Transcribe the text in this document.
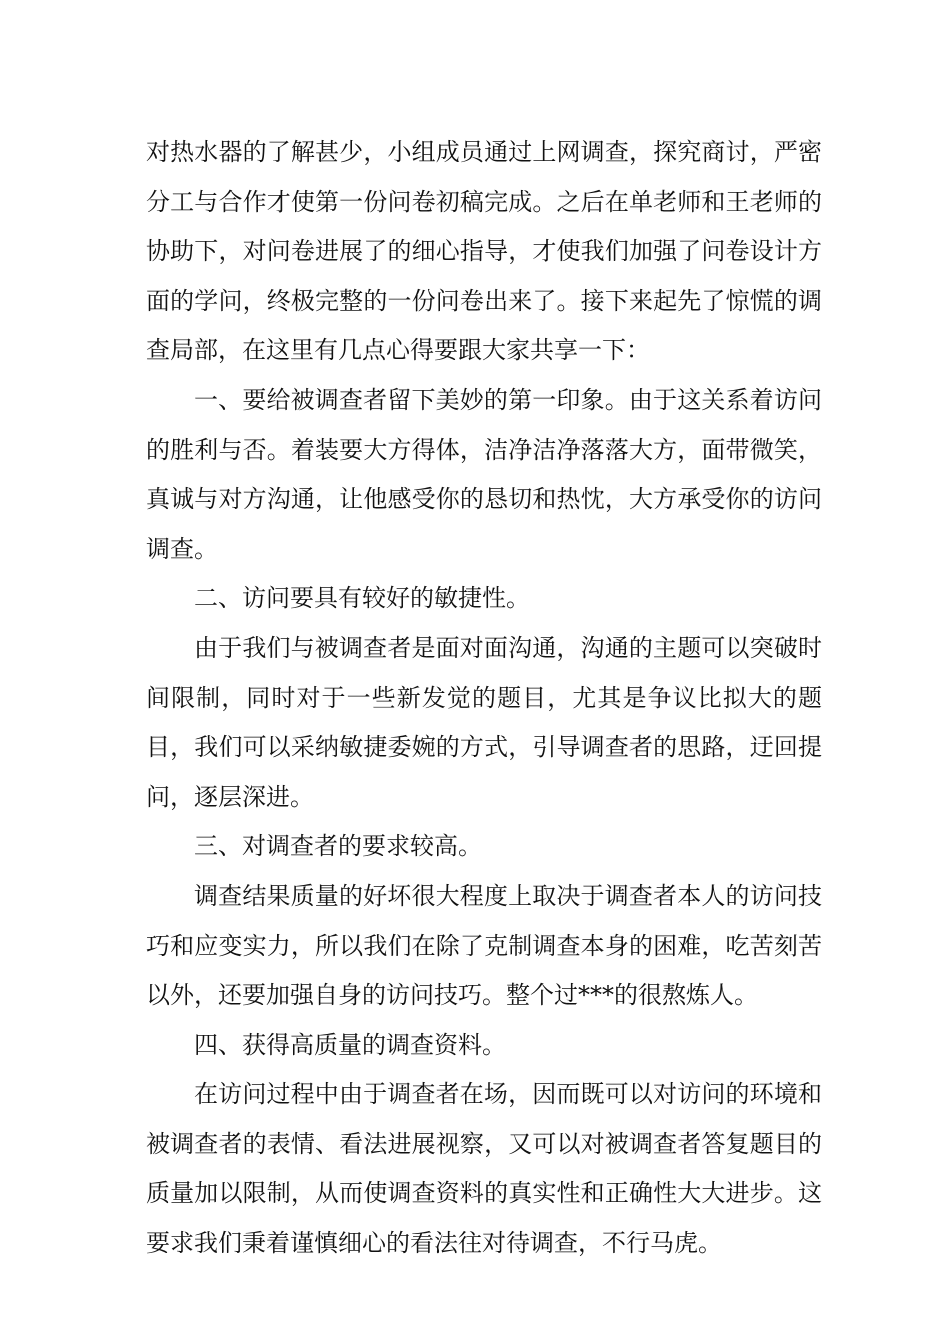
对热水器的了解甚少，小组成员通过上网调查，探究商讨，严密分工与合作才使第一份问卷初稿完成。之后在单老师和王老师的协助下，对问卷进展了的细心指导，才使我们加强了问卷设计方面的学问，终极完整的一份问卷出来了。接下来起先了惊慌的调查局部，在这里有几点心得要跟大家共享一下：

一、要给被调查者留下美妙的第一印象。由于这关系着访问的胜利与否。着装要大方得体，洁净洁净落落大方，面带微笑，真诚与对方沟通，让他感受你的恳切和热忱，大方承受你的访问调查。

二、访问要具有较好的敏捷性。

由于我们与被调查者是面对面沟通，沟通的主题可以突破时间限制，同时对于一些新发觉的题目，尤其是争议比拟大的题目，我们可以采纳敏捷委婉的方式，引导调查者的思路，迂回提问，逐层深进。

三、对调查者的要求较高。

调查结果质量的好坏很大程度上取决于调查者本人的访问技巧和应变实力，所以我们在除了克制调查本身的困难，吃苦刻苦以外，还要加强自身的访问技巧。整个过***的很熬炼人。

四、获得高质量的调查资料。

在访问过程中由于调查者在场，因而既可以对访问的环境和被调查者的表情、看法进展视察，又可以对被调查者答复题目的质量加以限制，从而使调查资料的真实性和正确性大大进步。这要求我们秉着谨慎细心的看法往对待调查，不行马虎。
